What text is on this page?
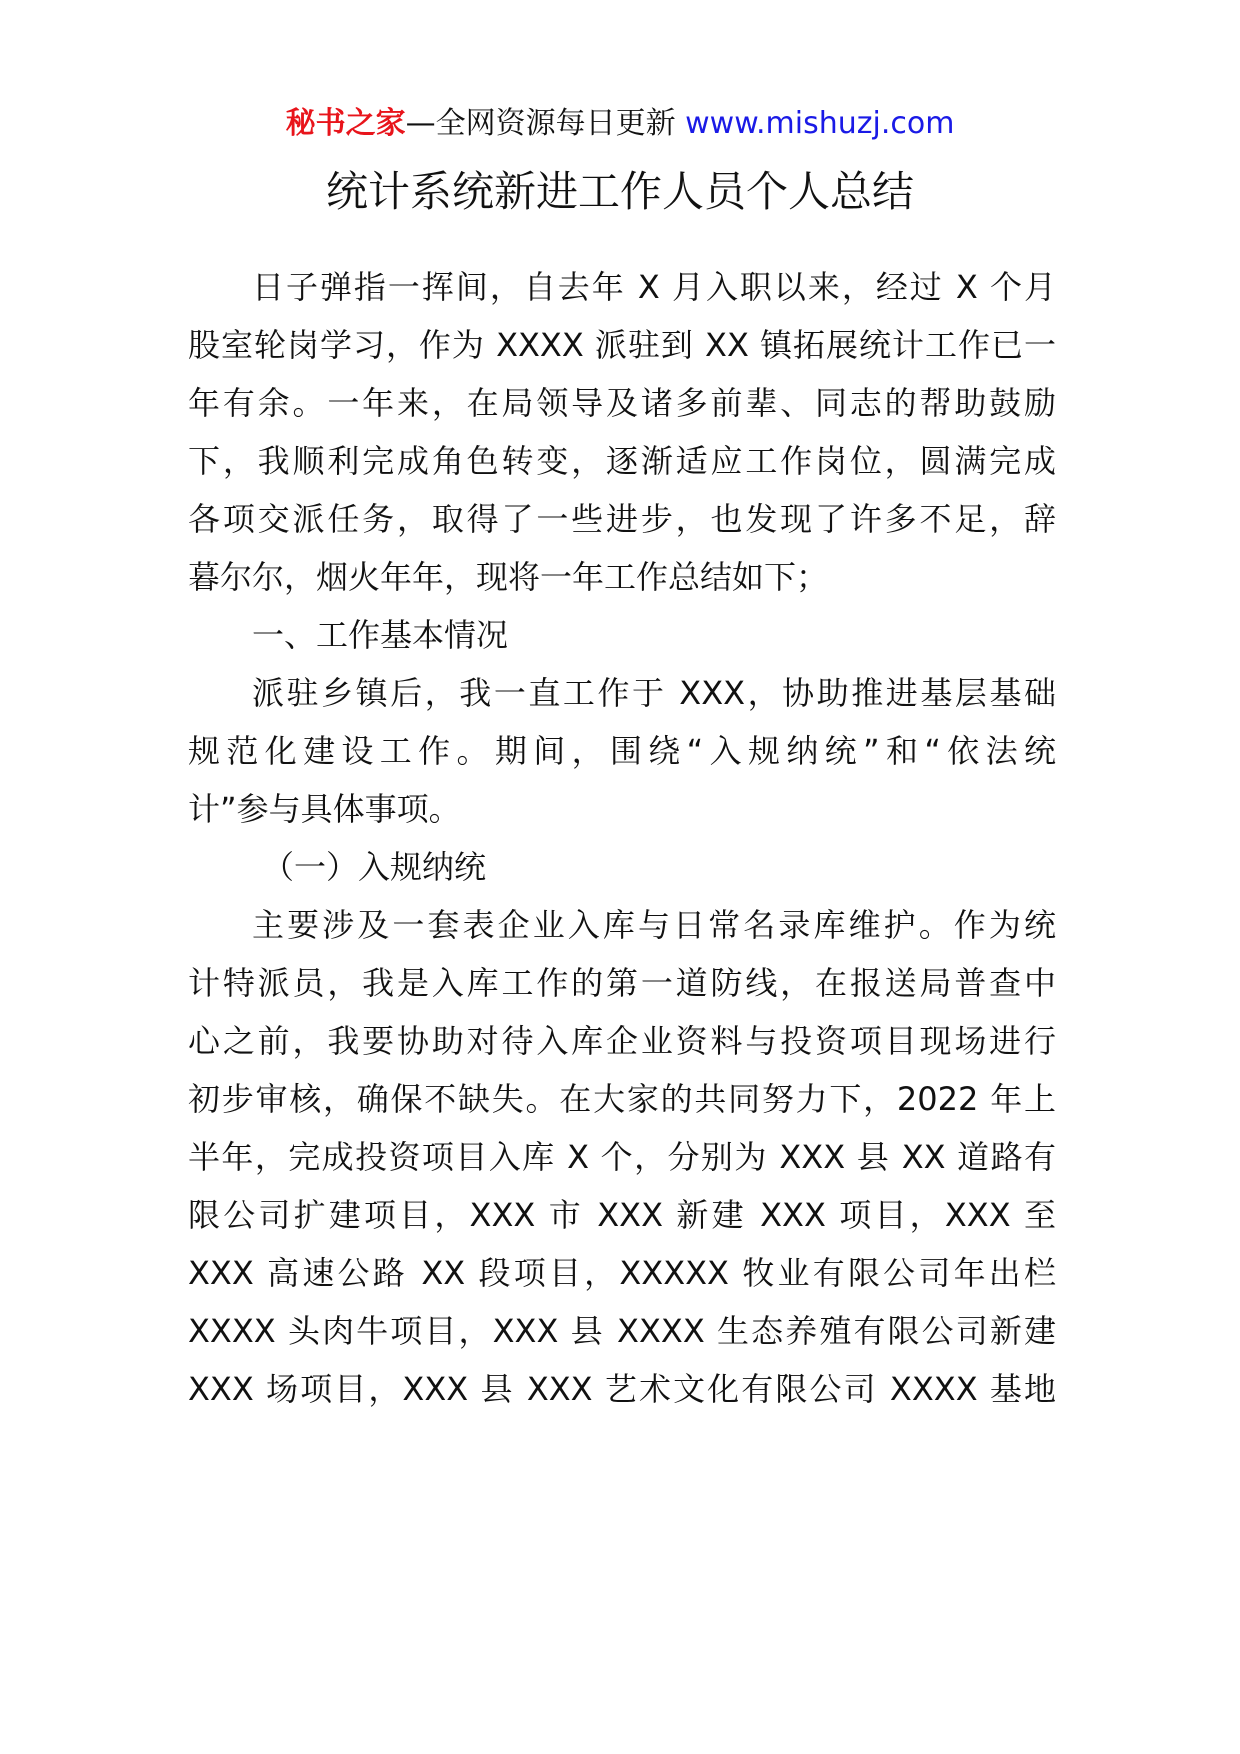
秘书之家—全网资源每日更新 www.mishuzj.com
统计系统新进工作人员个人总结
日子弹指一挥间，自去年 X 月入职以来，经过 X 个月
股室轮岗学习，作为 XXXX 派驻到 XX 镇拓展统计工作已一
年有余。一年来，在局领导及诸多前辈、同志的帮助鼓励
下，我顺利完成角色转变，逐渐适应工作岗位，圆满完成
各项交派任务，取得了一些进步，也发现了许多不足，辞
暮尔尔，烟火年年，现将一年工作总结如下；
一、工作基本情况
派驻乡镇后，我一直工作于 XXX，协助推进基层基础
规范化建设工作。期间，围绕“入规纳统”和“依法统
计”参与具体事项。
（一）入规纳统
主要涉及一套表企业入库与日常名录库维护。作为统
计特派员，我是入库工作的第一道防线，在报送局普查中
心之前，我要协助对待入库企业资料与投资项目现场进行
初步审核，确保不缺失。在大家的共同努力下，2022 年上
半年，完成投资项目入库 X 个，分别为 XXX 县 XX 道路有
限公司扩建项目，XXX 市 XXX 新建 XXX 项目，XXX 至
XXX 高速公路 XX 段项目，XXXXX 牧业有限公司年出栏
XXXX 头肉牛项目，XXX 县 XXXX 生态养殖有限公司新建
XXX 场项目，XXX 县 XXX 艺术文化有限公司 XXXX 基地
